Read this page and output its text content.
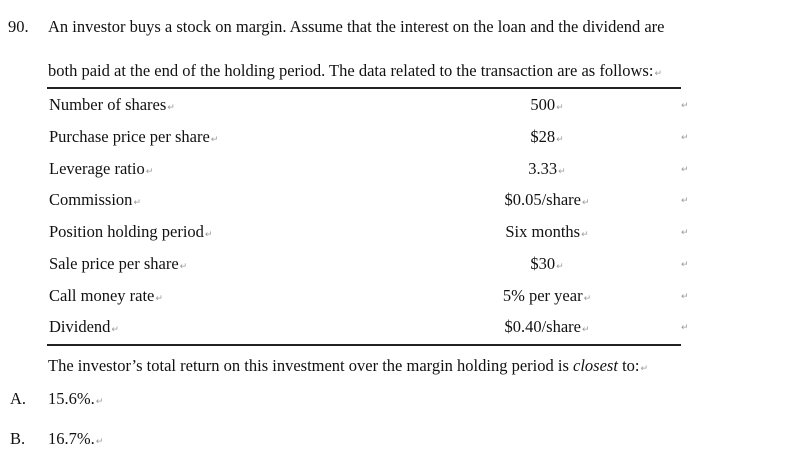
90. An investor buys a stock on margin. Assume that the interest on the loan and the dividend are
both paid at the end of the holding period. The data related to the transaction are as follows:↵
Number of shares↵	500↵	↵
Purchase price per share↵	$28↵	↵
Leverage ratio↵	3.33↵	↵
Commission↵	$0.05/share↵	↵
Position holding period↵	Six months↵	↵
Sale price per share↵	$30↵	↵
Call money rate↵	5% per year↵	↵
Dividend↵	$0.40/share↵	↵
The investor’s total return on this investment over the margin holding period is closest to:↵
A. 15.6%.↵
B. 16.7%.↵
